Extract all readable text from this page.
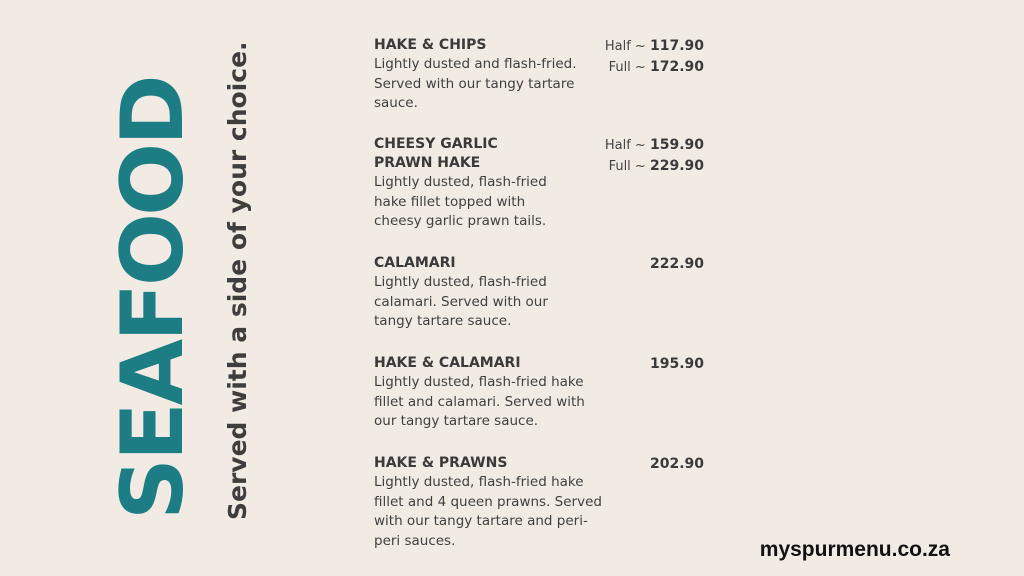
SEAFOOD Served with a side of your choice.	HAKE & CHIPS
Lightly dusted and flash-fried. Served with our tangy tartare sauce.
Half ~ 117.90
Full ~ 172.90
CHEESY GARLIC PRAWN HAKE
Lightly dusted, flash-fried hake fillet topped with cheesy garlic prawn tails.
Half ~ 159.90
Full ~ 229.90
CALAMARI
Lightly dusted, flash-fried calamari. Served with our tangy tartare sauce.
222.90
HAKE & CALAMARI
Lightly dusted, flash-fried hake fillet and calamari. Served with our tangy tartare sauce.
195.90
HAKE & PRAWNS
Lightly dusted, flash-fried hake fillet and 4 queen prawns. Served with our tangy tartare and peri-peri sauces.
202.90
myspurmenu.co.za
